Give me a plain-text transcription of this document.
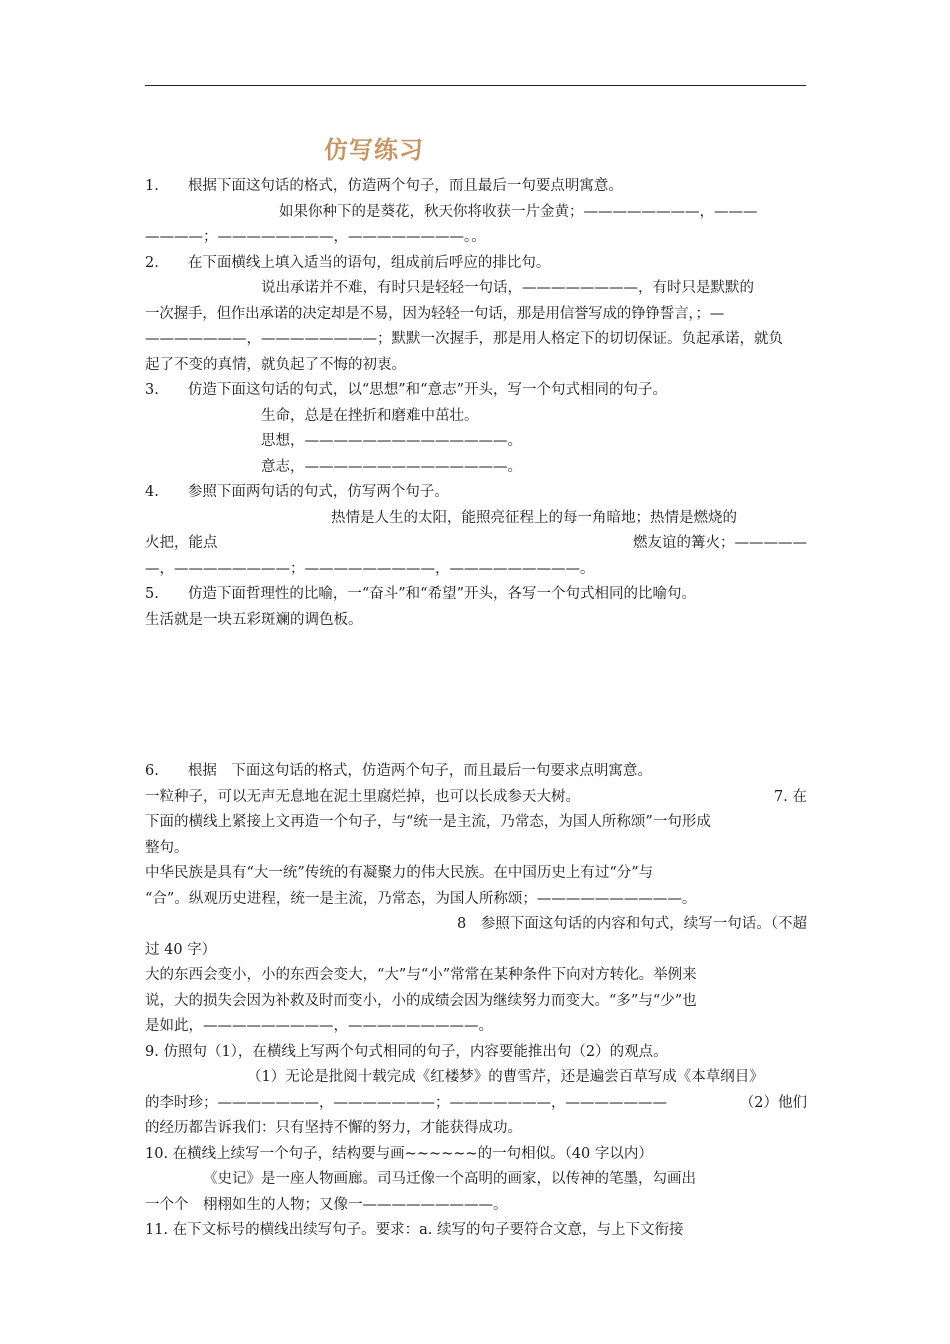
仿写练习

1.　　根据下面这句话的格式，仿造两个句子，而且最后一句要点明寓意。

如果你种下的是葵花，秋天你将收获一片金黄；————————，———

————；————————，————————。。

2.　　在下面横线上填入适当的语句，组成前后呼应的排比句。

说出承诺并不难，有时只是轻轻一句话，————————，有时只是默默的

一次握手，但作出承诺的决定却是不易，因为轻轻一句话，那是用信誉写成的铮铮誓言，；—

———————，————————；默默一次握手，那是用人格定下的切切保证。负起承诺，就负

起了不变的真情，就负起了不悔的初衷。

3.　　仿造下面这句话的句式，以“思想”和“意志”开头，写一个句式相同的句子。

生命，总是在挫折和磨难中茁壮。

思想，——————————————。

意志，——————————————。

4.　　参照下面两句话的句式，仿写两个句子。

热情是人生的太阳，能照亮征程上的每一角暗地；热情是燃烧的

火把，能点	燃友谊的篝火；—————

—，————————；—————————，—————————。

5.　　仿造下面哲理性的比喻，一“奋斗”和“希望”开头，各写一个句式相同的比喻句。

生活就是一块五彩斑斓的调色板。

6.　　根据　下面这句话的格式，仿造两个句子，而且最后一句要求点明寓意。

一粒种子，可以无声无息地在泥土里腐烂掉，也可以长成参天大树。	7. 在

下面的横线上紧接上文再造一个句子，与“统一是主流，乃常态，为国人所称颂”一句形成

整句。

中华民族是具有“大一统”传统的有凝聚力的伟大民族。在中国历史上有过“分”与

“合”。纵观历史进程，统一是主流，乃常态，为国人所称颂；——————————。

8　参照下面这句话的内容和句式，续写一句话。（不超

过 40 字）

大的东西会变小，小的东西会变大，“大”与“小”常常在某种条件下向对方转化。举例来

说，大的损失会因为补救及时而变小，小的成绩会因为继续努力而变大。“多”与“少”也

是如此，—————————，—————————。

9. 仿照句（1），在横线上写两个句式相同的句子，内容要能推出句（2）的观点。

（1）无论是批阅十载完成《红楼梦》的曹雪芹，还是遍尝百草写成《本草纲目》

的李时珍；———————，———————；———————，———————	（2）他们

的经历都告诉我们：只有坚持不懈的努力，才能获得成功。

10. 在横线上续写一个句子，结构要与画~~~~~~的一句相似。（40 字以内）

《史记》是一座人物画廊。司马迁像一个高明的画家，以传神的笔墨，勾画出

一个个　栩栩如生的人物；又像一—————————。

11. 在下文标号的横线出续写句子。要求：a. 续写的句子要符合文意，与上下文衔接
